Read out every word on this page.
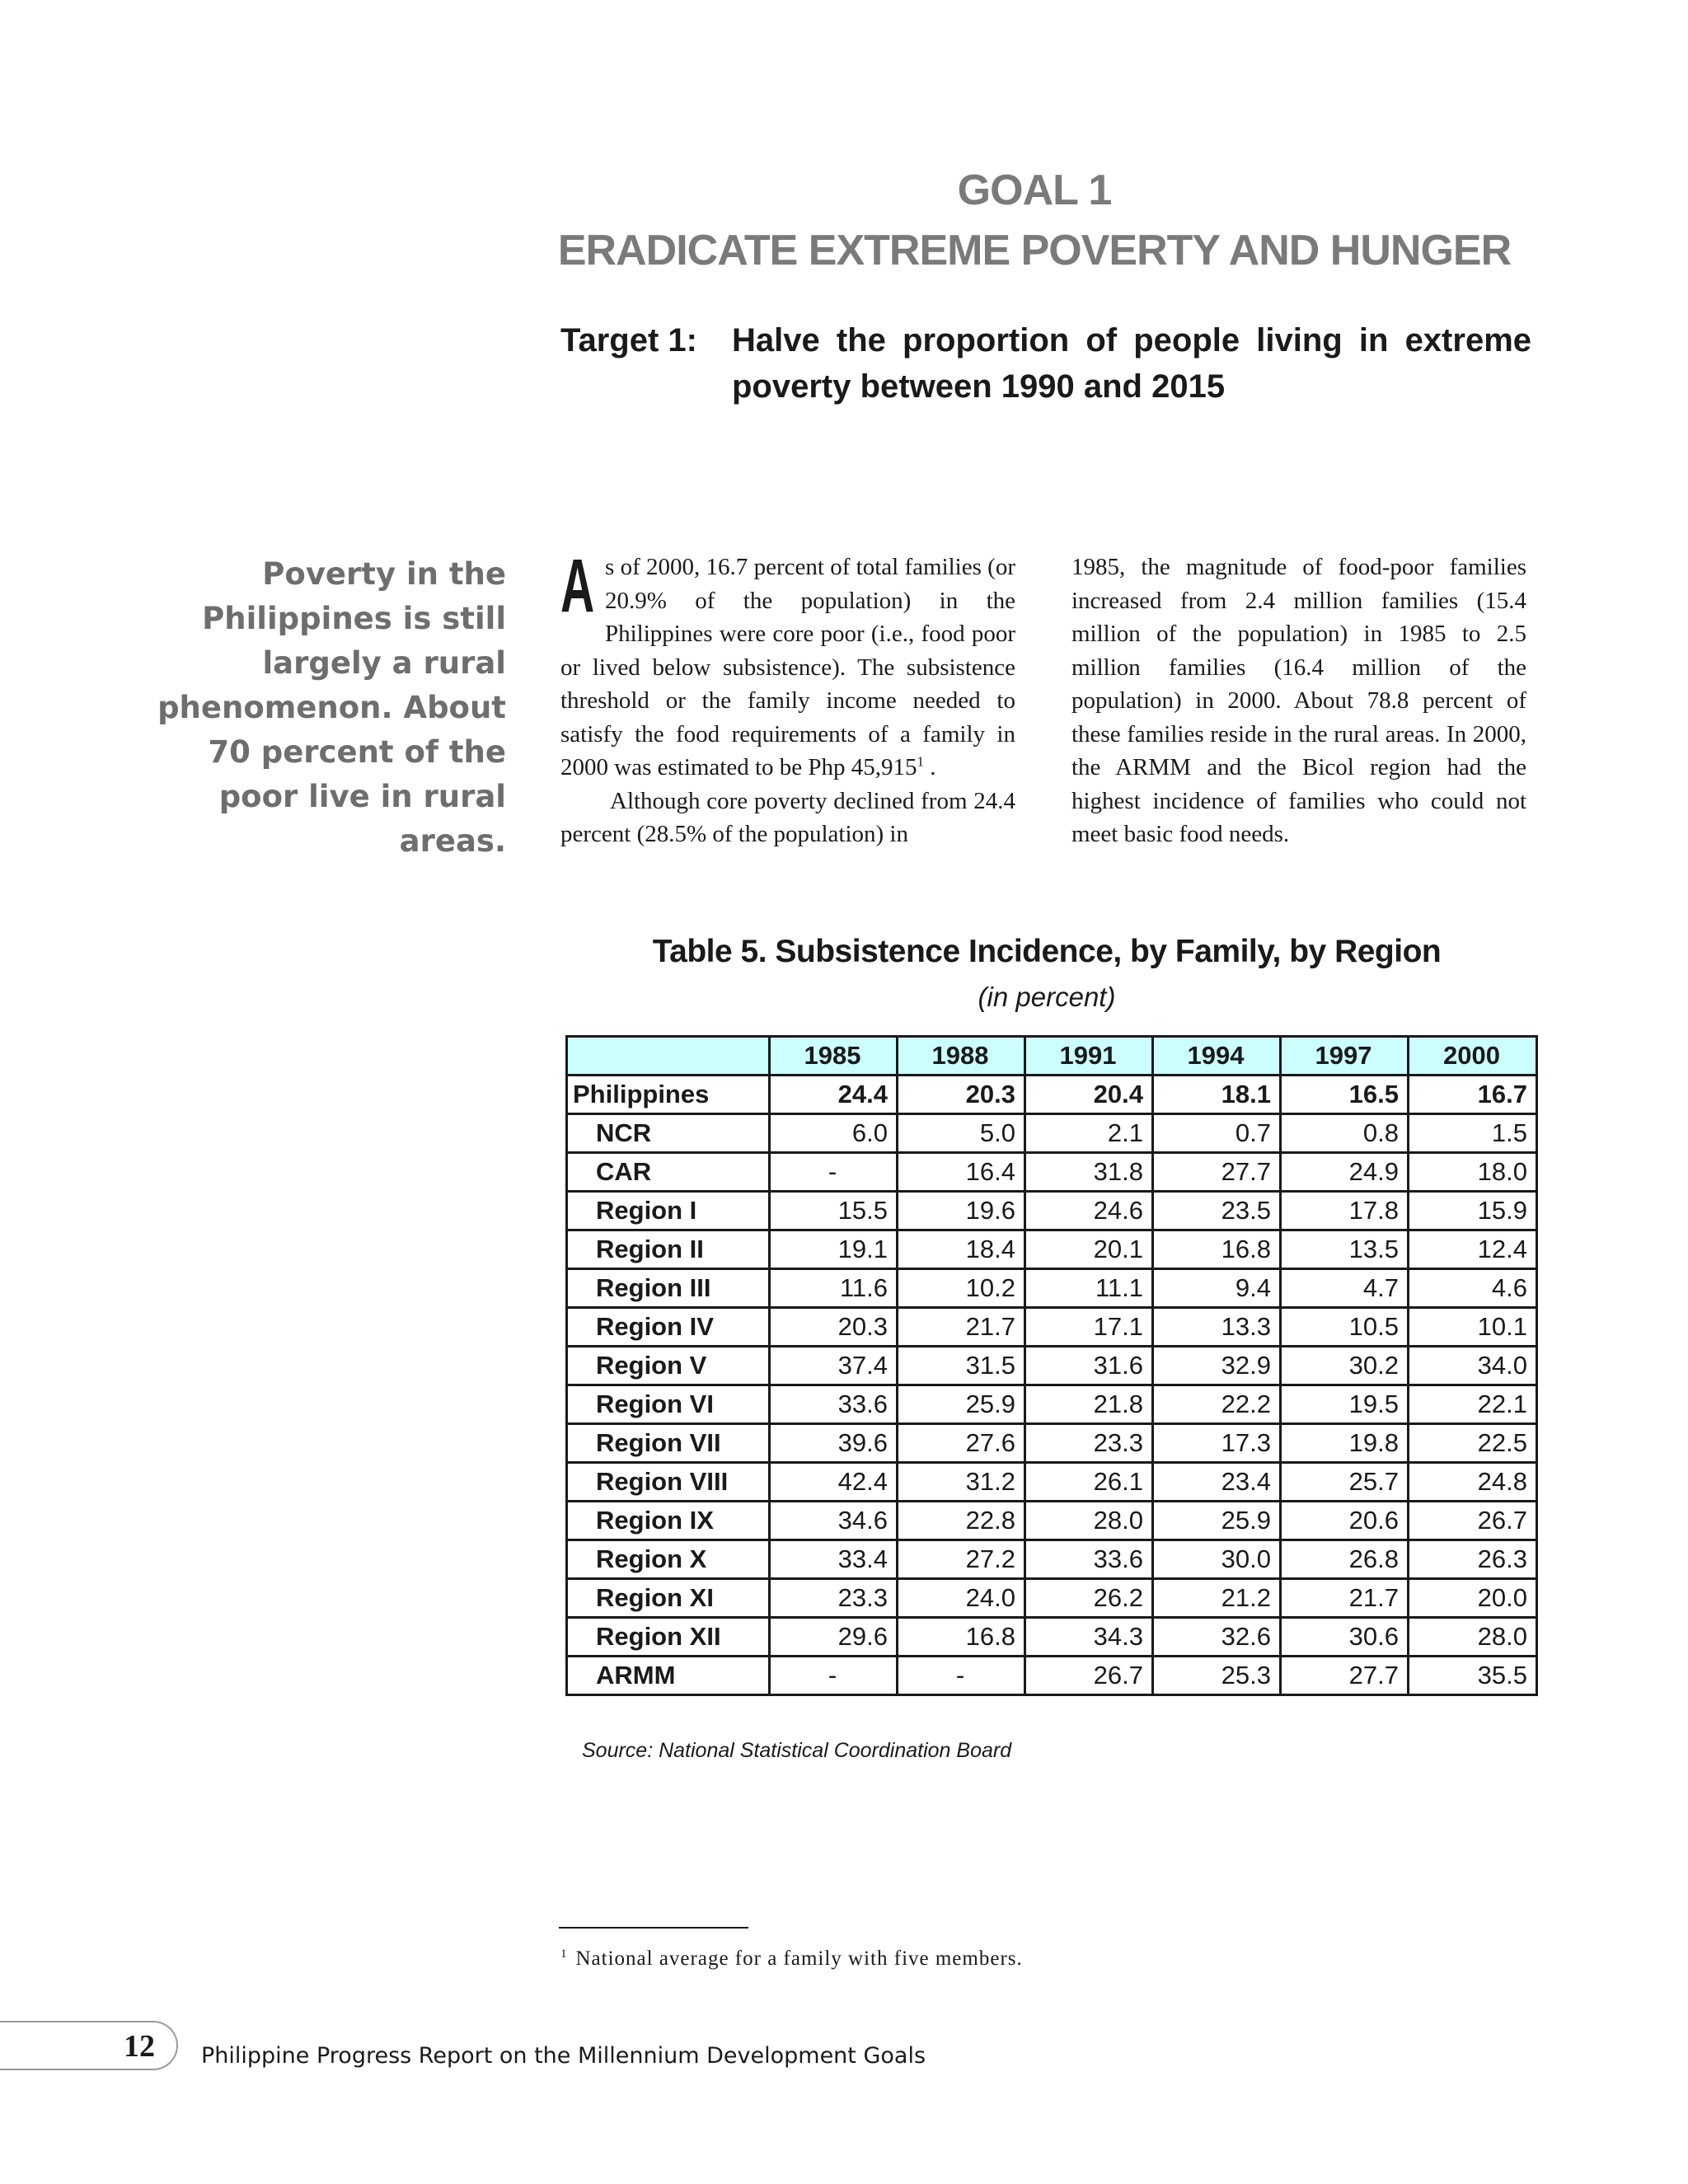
GOAL 1
ERADICATE EXTREME POVERTY AND HUNGER
Target 1: Halve the proportion of people living in extreme poverty between 1990 and 2015
Poverty in the Philippines is still largely a rural phenomenon. About 70 percent of the poor live in rural areas.

As of 2000, 16.7 percent of total families (or 20.9% of the population) in the Philippines were core poor (i.e., food poor or lived below subsistence). The subsistence threshold or the family income needed to satisfy the food requirements of a family in 2000 was estimated to be Php 45,915$^1$ .

Although core poverty declined from 24.4 percent (28.5% of the population) in

1985, the magnitude of food-poor families increased from 2.4 million families (15.4 million of the population) in 1985 to 2.5 million families (16.4 million of the population) in 2000. About 78.8 percent of these families reside in the rural areas. In 2000, the ARMM and the Bicol region had the highest incidence of families who could not meet basic food needs.

Table 5. Subsistence Incidence, by Family, by Region
(in percent)
	1985	1988	1991	1994	1997	2000
Philippines	24.4	20.3	20.4	18.1	16.5	16.7
NCR	6.0	5.0	2.1	0.7	0.8	1.5
CAR	-	16.4	31.8	27.7	24.9	18.0
Region I	15.5	19.6	24.6	23.5	17.8	15.9
Region II	19.1	18.4	20.1	16.8	13.5	12.4
Region III	11.6	10.2	11.1	9.4	4.7	4.6
Region IV	20.3	21.7	17.1	13.3	10.5	10.1
Region V	37.4	31.5	31.6	32.9	30.2	34.0
Region VI	33.6	25.9	21.8	22.2	19.5	22.1
Region VII	39.6	27.6	23.3	17.3	19.8	22.5
Region VIII	42.4	31.2	26.1	23.4	25.7	24.8
Region IX	34.6	22.8	28.0	25.9	20.6	26.7
Region X	33.4	27.2	33.6	30.0	26.8	26.3
Region XI	23.3	24.0	26.2	21.2	21.7	20.0
Region XII	29.6	16.8	34.3	32.6	30.6	28.0
ARMM	-	-	26.7	25.3	27.7	35.5
Source: National Statistical Coordination Board
$^1$ National average for a family with five members.
12 Philippine Progress Report on the Millennium Development Goals
